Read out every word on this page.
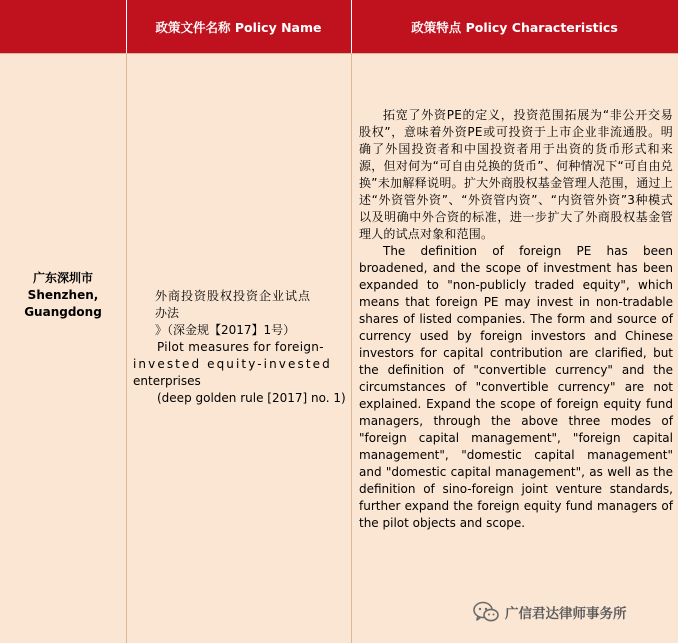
政策文件名称 Policy Name	政策特点 Policy Characteristics
广东深圳市
Shenzhen,
Guangdong

外商投资股权投资企业试点

办法

》（深金规【2017】1号）

Pilot measures for foreign-

invested equity-invested

enterprises

(deep golden rule [2017] no. 1)

拓宽了外资PE的定义，投资范围拓展为“非公开交易股权”，意味着外资PE或可投资于上市企业非流通股。明确了外国投资者和中国投资者用于出资的货币形式和来源，但对何为“可自由兑换的货币”、何种情况下“可自由兑换”未加解释说明。扩大外商股权基金管理人范围，通过上述“外资管外资”、“外资管内资”、“内资管外资”3种模式以及明确中外合资的标准，进一步扩大了外商股权基金管理人的试点对象和范围。

The definition of foreign PE has been broadened, and the scope of investment has been expanded to "non-publicly traded equity", which means that foreign PE may invest in non-tradable shares of listed companies. The form and source of currency used by foreign investors and Chinese investors for capital contribution are clarified, but the definition of "convertible currency" and the circumstances of "convertible currency" are not explained. Expand the scope of foreign equity fund managers, through the above three modes of "foreign capital management", "foreign capital management", "domestic capital management" and "domestic capital management", as well as the definition of sino-foreign joint venture standards, further expand the foreign equity fund managers of the pilot objects and scope.

广信君达律师事务所
